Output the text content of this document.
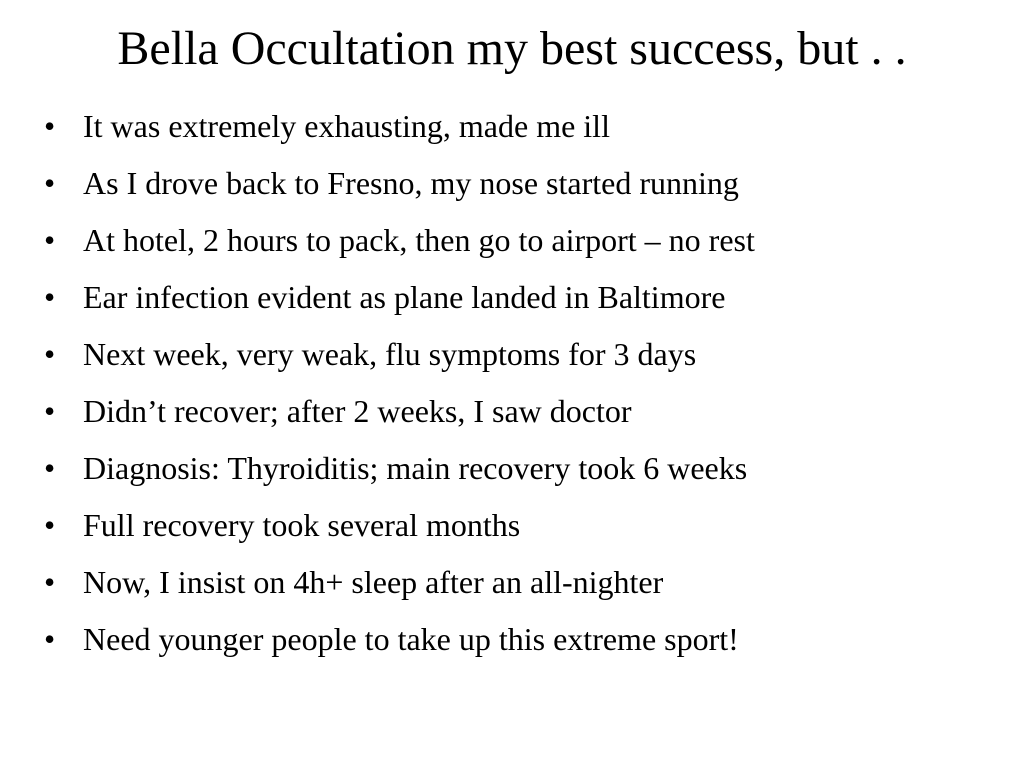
Bella Occultation my best success, but . .
• It was extremely exhausting, made me ill
• As I drove back to Fresno, my nose started running
• At hotel, 2 hours to pack, then go to airport – no rest
• Ear infection evident as plane landed in Baltimore
• Next week, very weak, flu symptoms for 3 days
• Didn’t recover; after 2 weeks, I saw doctor
• Diagnosis: Thyroiditis; main recovery took 6 weeks
• Full recovery took several months
• Now, I insist on 4h+ sleep after an all-nighter
• Need younger people to take up this extreme sport!
